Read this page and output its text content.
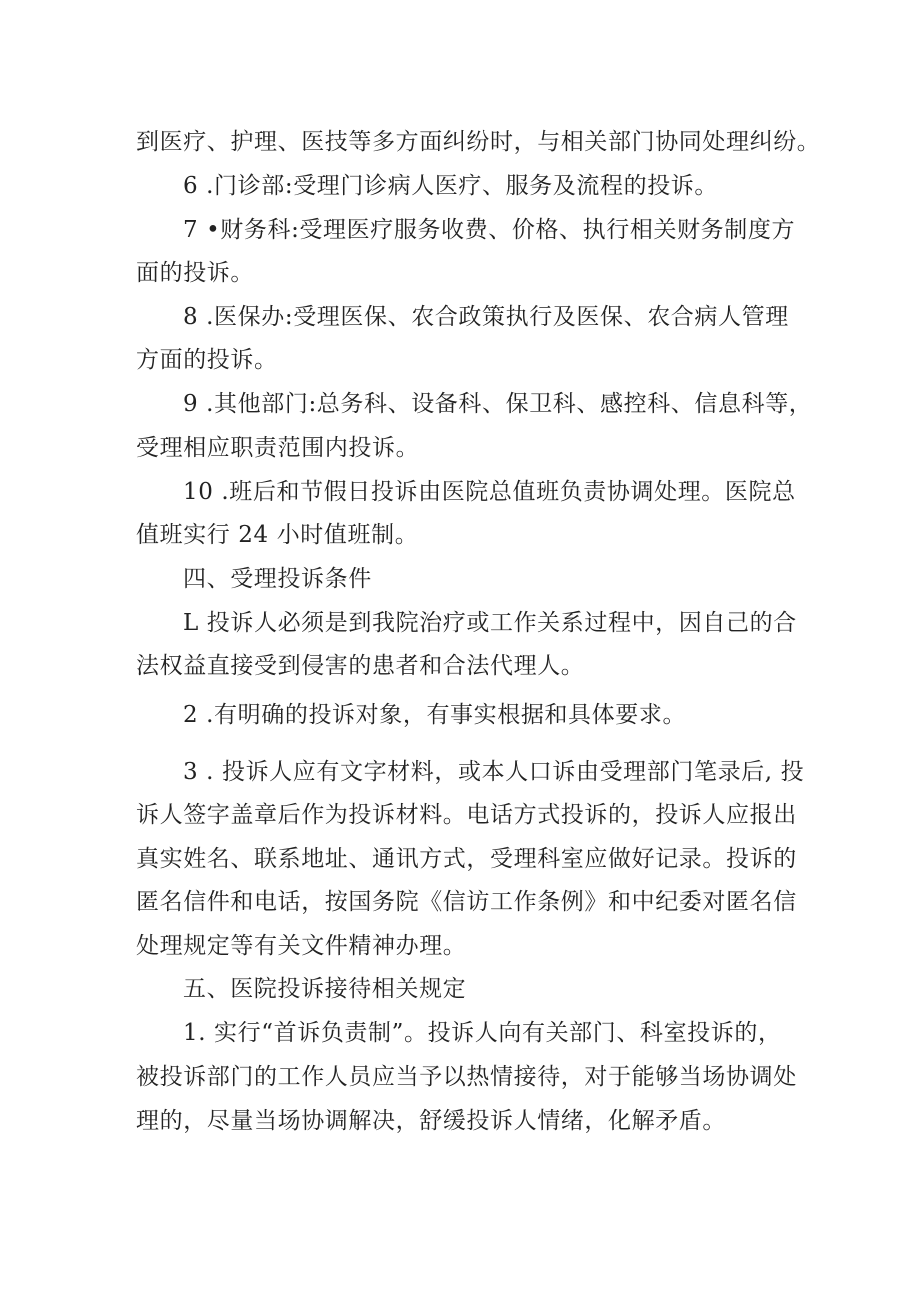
到医疗、护理、医技等多方面纠纷时，与相关部门协同处理纠纷。
6 .门诊部:受理门诊病人医疗、服务及流程的投诉。
7 •财务科:受理医疗服务收费、价格、执行相关财务制度方
面的投诉。
8 .医保办:受理医保、农合政策执行及医保、农合病人管理
方面的投诉。
9 .其他部门:总务科、设备科、保卫科、感控科、信息科等，
受理相应职责范围内投诉。
10 .班后和节假日投诉由医院总值班负责协调处理。医院总
值班实行 24 小时值班制。
四、受理投诉条件
L 投诉人必须是到我院治疗或工作关系过程中，因自己的合
法权益直接受到侵害的患者和合法代理人。
2 .有明确的投诉对象，有事实根据和具体要求。
3 . 投诉人应有文字材料，或本人口诉由受理部门笔录后, 投
诉人签字盖章后作为投诉材料。电话方式投诉的，投诉人应报出
真实姓名、联系地址、通讯方式，受理科室应做好记录。投诉的
匿名信件和电话，按国务院《信访工作条例》和中纪委对匿名信
处理规定等有关文件精神办理。
五、医院投诉接待相关规定
1. 实行“首诉负责制”。投诉人向有关部门、科室投诉的，
被投诉部门的工作人员应当予以热情接待，对于能够当场协调处
理的，尽量当场协调解决，舒缓投诉人情绪，化解矛盾。
